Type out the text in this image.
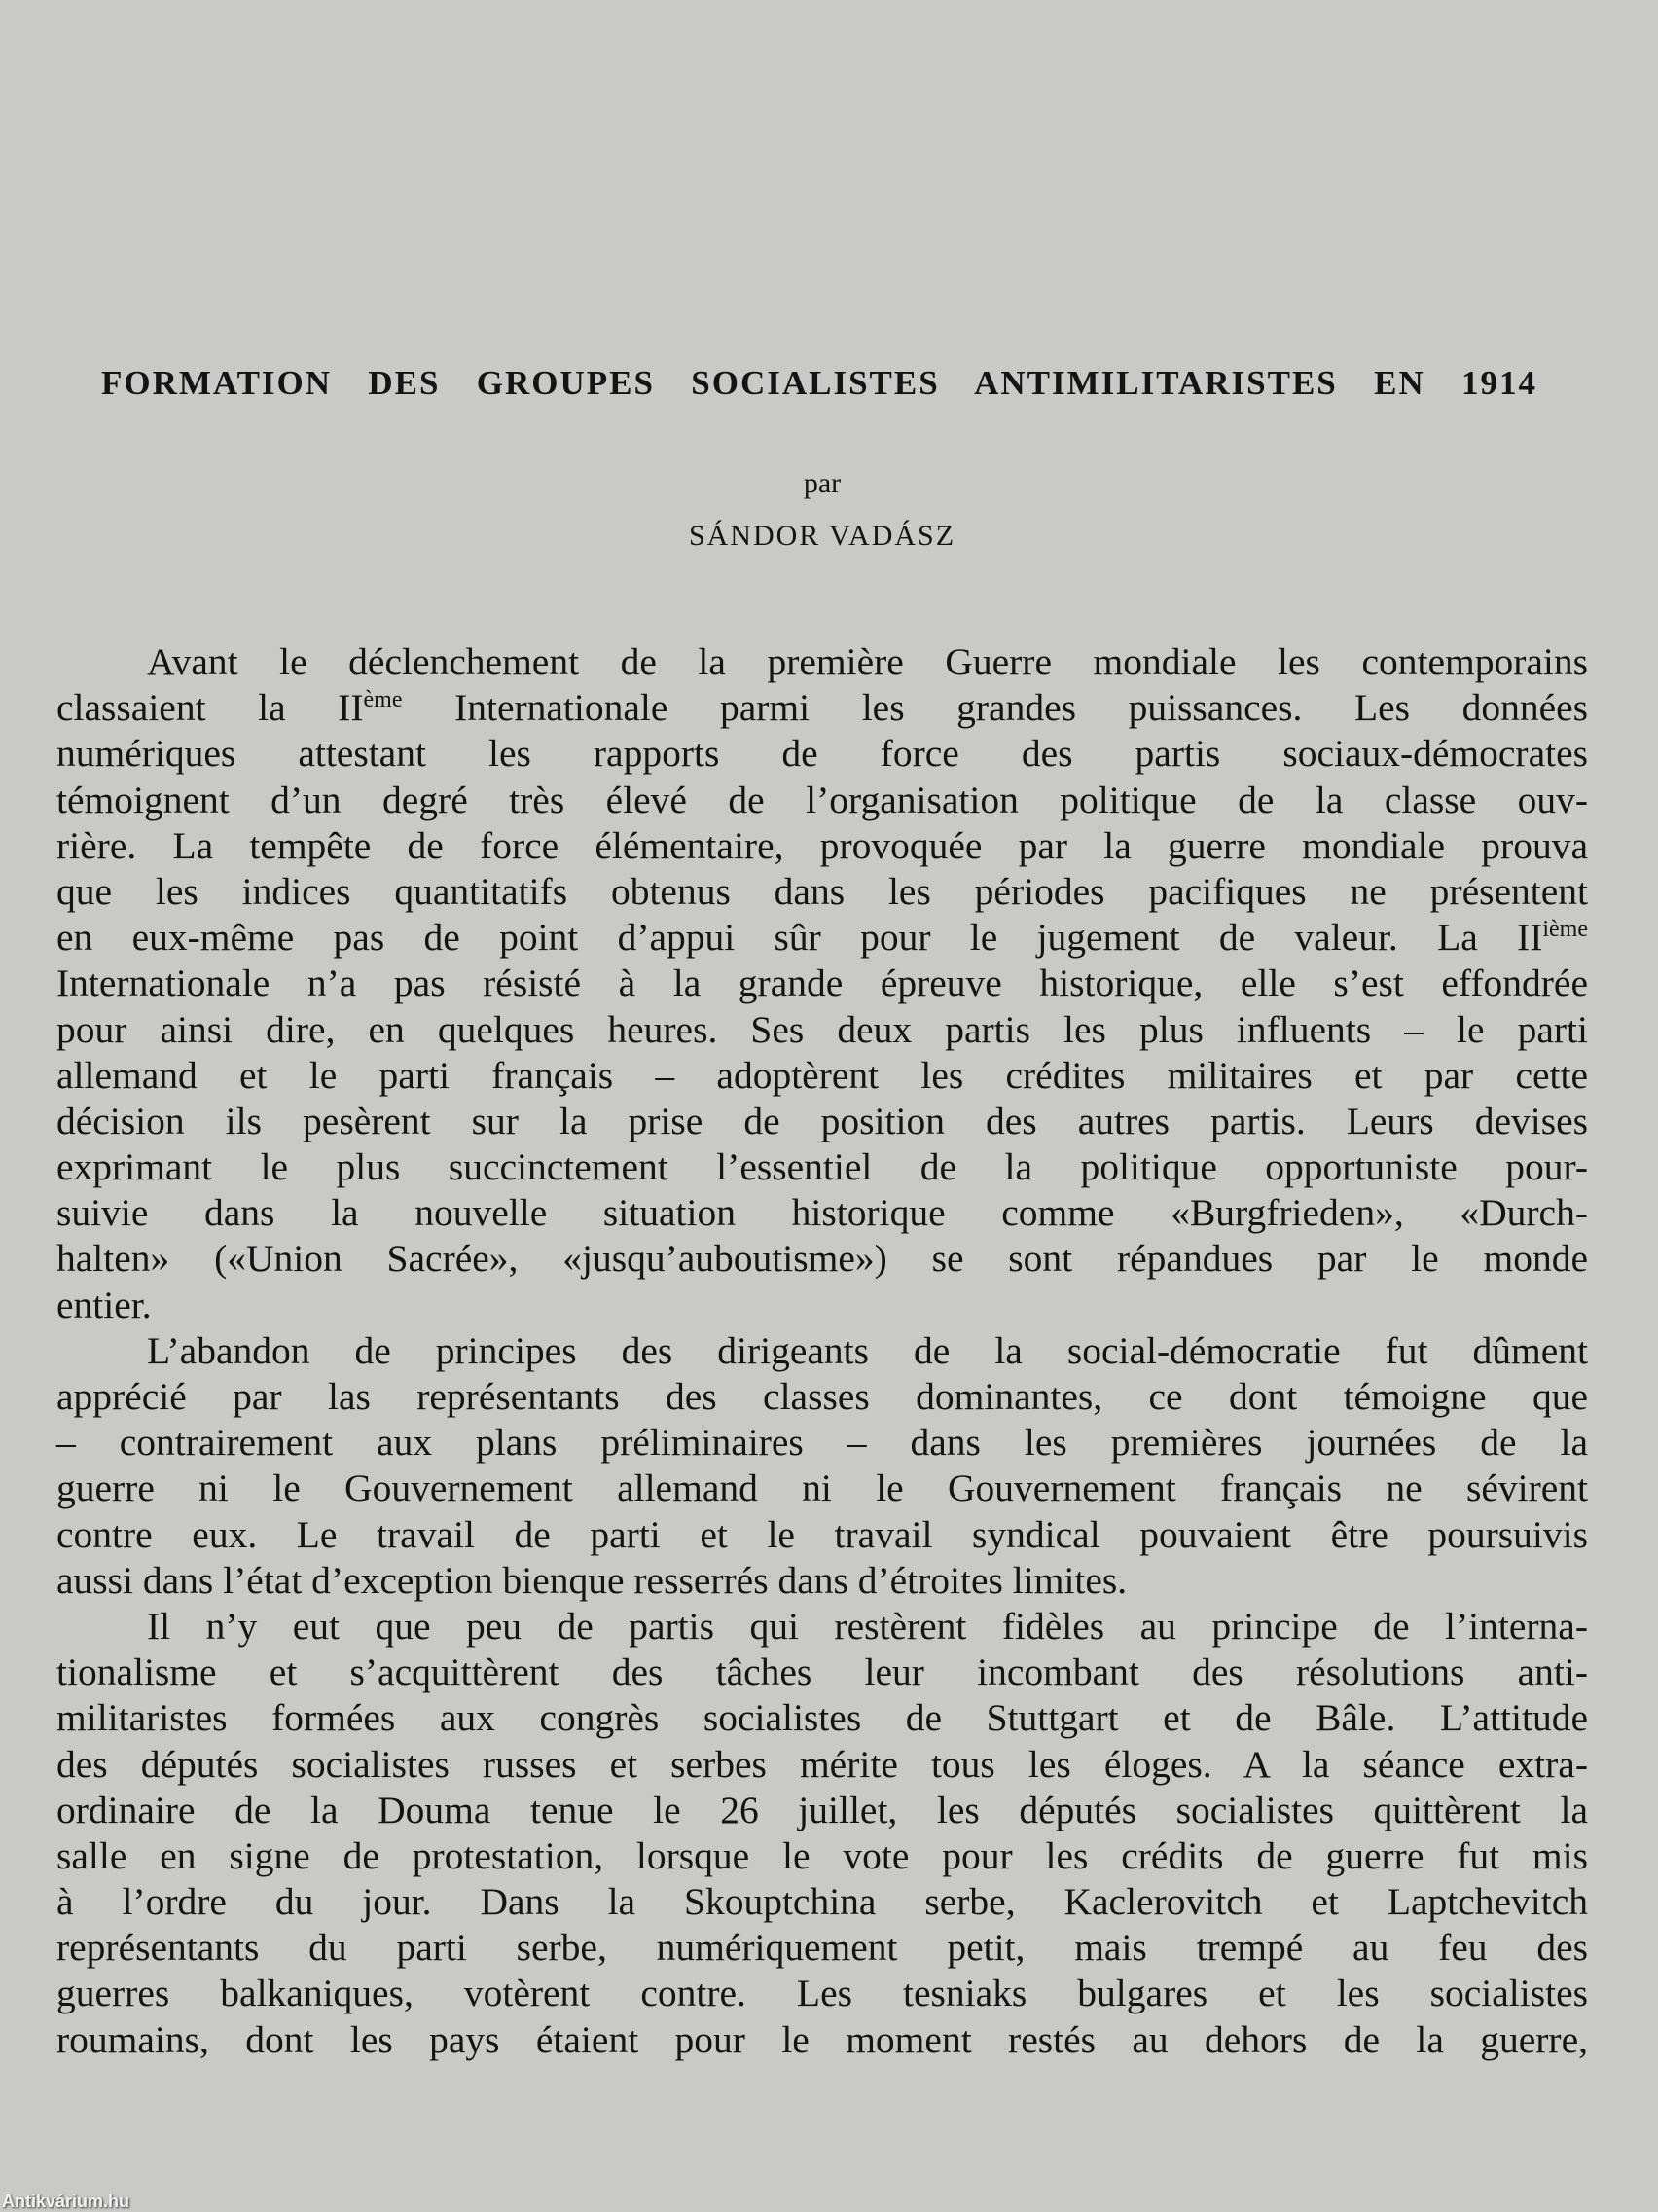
FORMATION DES GROUPES SOCIALISTES ANTIMILITARISTES EN 1914
par
SÁNDOR VADÁSZ
Avant le déclenchement de la première Guerre mondiale les contemporains
classaient la IIème Internationale parmi les grandes puissances. Les données
numériques attestant les rapports de force des partis sociaux-démocrates
témoignent d’un degré très élevé de l’organisation politique de la classe ouv-
rière. La tempête de force élémentaire, provoquée par la guerre mondiale prouva
que les indices quantitatifs obtenus dans les périodes pacifiques ne présentent
en eux-même pas de point d’appui sûr pour le jugement de valeur. La IIième
Internationale n’a pas résisté à la grande épreuve historique, elle s’est effondrée
pour ainsi dire, en quelques heures. Ses deux partis les plus influents – le parti
allemand et le parti français – adoptèrent les crédites militaires et par cette
décision ils pesèrent sur la prise de position des autres partis. Leurs devises
exprimant le plus succinctement l’essentiel de la politique opportuniste pour-
suivie dans la nouvelle situation historique comme «Burgfrieden», «Durch-
halten» («Union Sacrée», «jusqu’auboutisme») se sont répandues par le monde
entier.
L’abandon de principes des dirigeants de la social-démocratie fut dûment
apprécié par las représentants des classes dominantes, ce dont témoigne que
– contrairement aux plans préliminaires – dans les premières journées de la
guerre ni le Gouvernement allemand ni le Gouvernement français ne sévirent
contre eux. Le travail de parti et le travail syndical pouvaient être poursuivis
aussi dans l’état d’exception bienque resserrés dans d’étroites limites.
Il n’y eut que peu de partis qui restèrent fidèles au principe de l’interna-
tionalisme et s’acquittèrent des tâches leur incombant des résolutions anti-
militaristes formées aux congrès socialistes de Stuttgart et de Bâle. L’attitude
des députés socialistes russes et serbes mérite tous les éloges. A la séance extra-
ordinaire de la Douma tenue le 26 juillet, les députés socialistes quittèrent la
salle en signe de protestation, lorsque le vote pour les crédits de guerre fut mis
à l’ordre du jour. Dans la Skouptchina serbe, Kaclerovitch et Laptchevitch
représentants du parti serbe, numériquement petit, mais trempé au feu des
guerres balkaniques, votèrent contre. Les tesniaks bulgares et les socialistes
roumains, dont les pays étaient pour le moment restés au dehors de la guerre,
Antikvárium.hu
